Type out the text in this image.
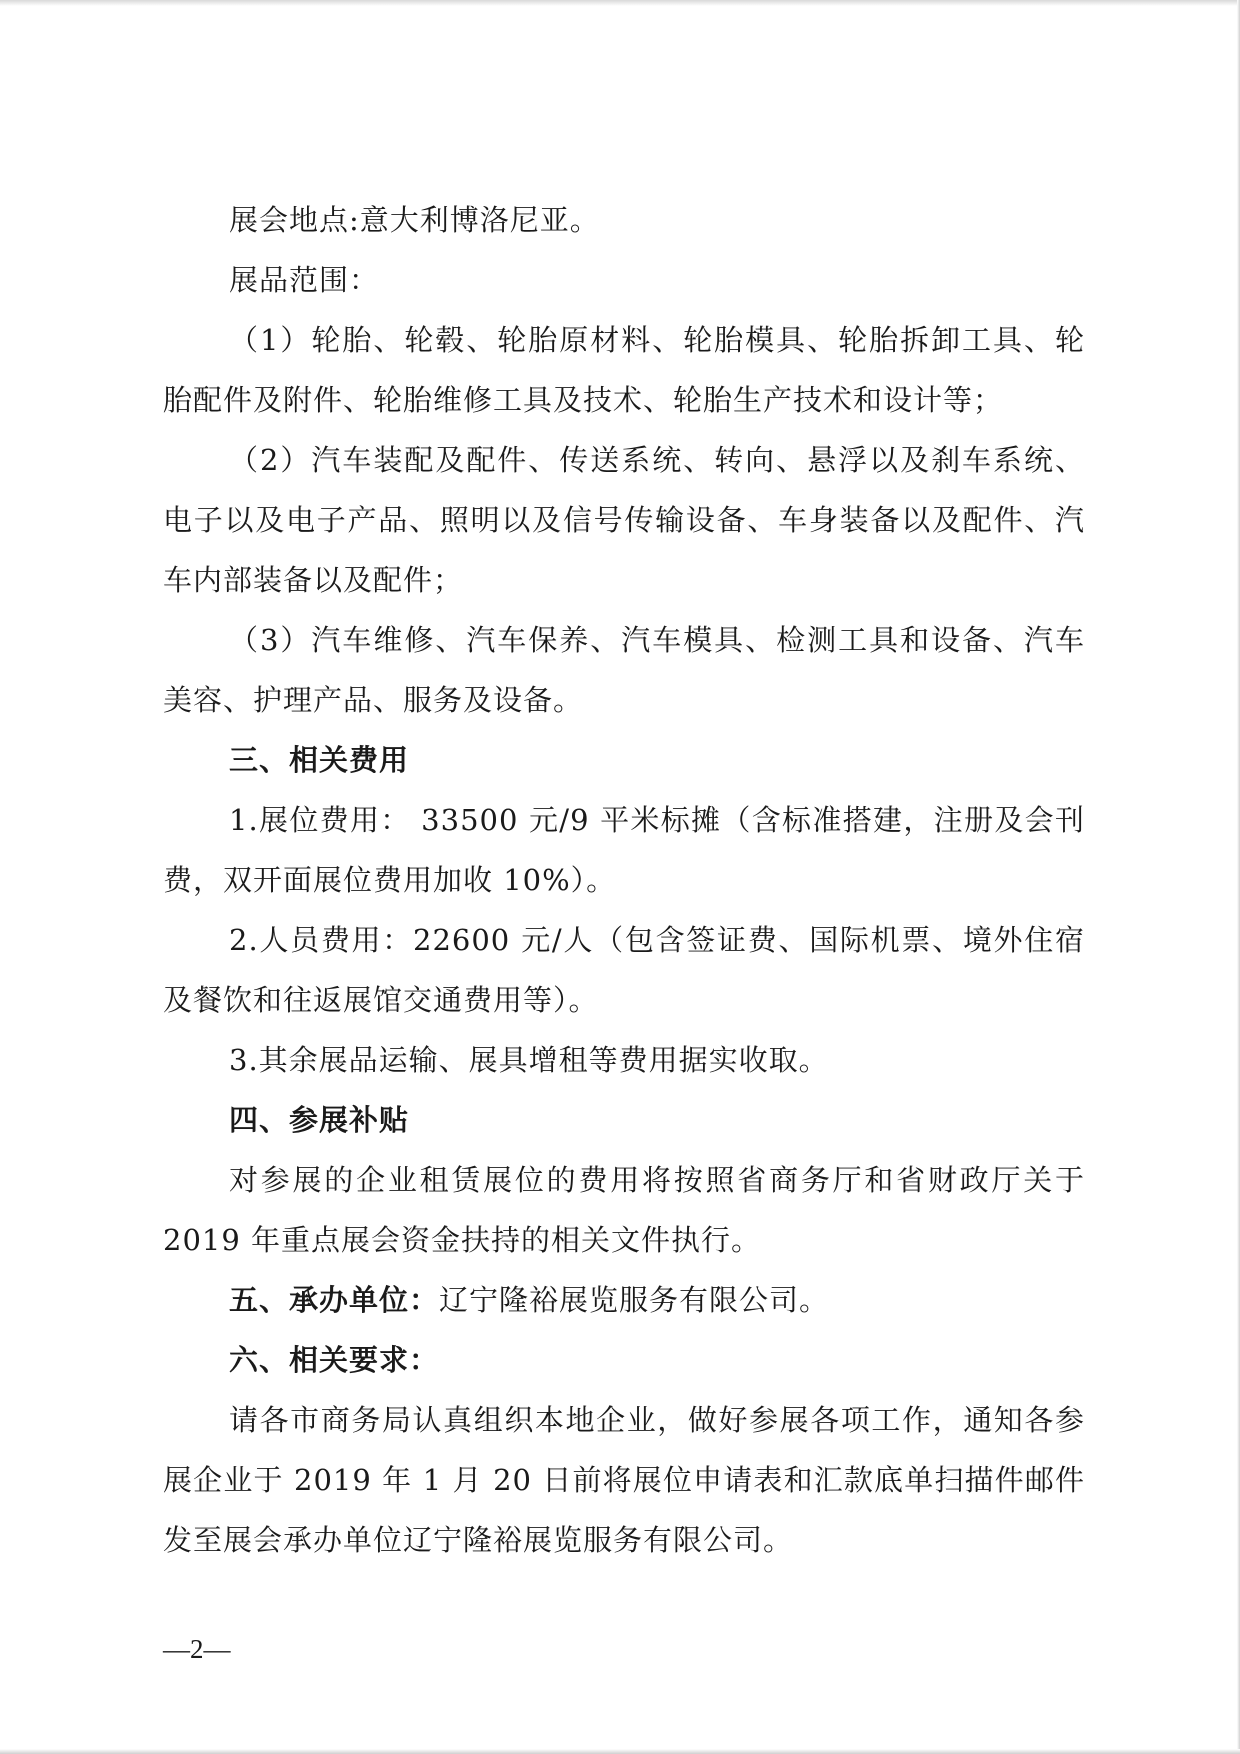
展会地点:意大利博洛尼亚。

展品范围：

（1）轮胎、轮毂、轮胎原材料、轮胎模具、轮胎拆卸工具、轮胎配件及附件、轮胎维修工具及技术、轮胎生产技术和设计等；

（2）汽车装配及配件、传送系统、转向、悬浮以及刹车系统、电子以及电子产品、照明以及信号传输设备、车身装备以及配件、汽车内部装备以及配件；

（3）汽车维修、汽车保养、汽车模具、检测工具和设备、汽车美容、护理产品、服务及设备。

三、相关费用

1.展位费用： 33500 元/9 平米标摊（含标准搭建，注册及会刊费，双开面展位费用加收 10%）。

2.人员费用：22600 元/人（包含签证费、国际机票、境外住宿及餐饮和往返展馆交通费用等）。

3.其余展品运输、展具增租等费用据实收取。

四、参展补贴

对参展的企业租赁展位的费用将按照省商务厅和省财政厅关于 2019 年重点展会资金扶持的相关文件执行。

五、承办单位：辽宁隆裕展览服务有限公司。

六、相关要求：

请各市商务局认真组织本地企业，做好参展各项工作，通知各参展企业于 2019 年 1 月 20 日前将展位申请表和汇款底单扫描件邮件发至展会承办单位辽宁隆裕展览服务有限公司。

—2—
